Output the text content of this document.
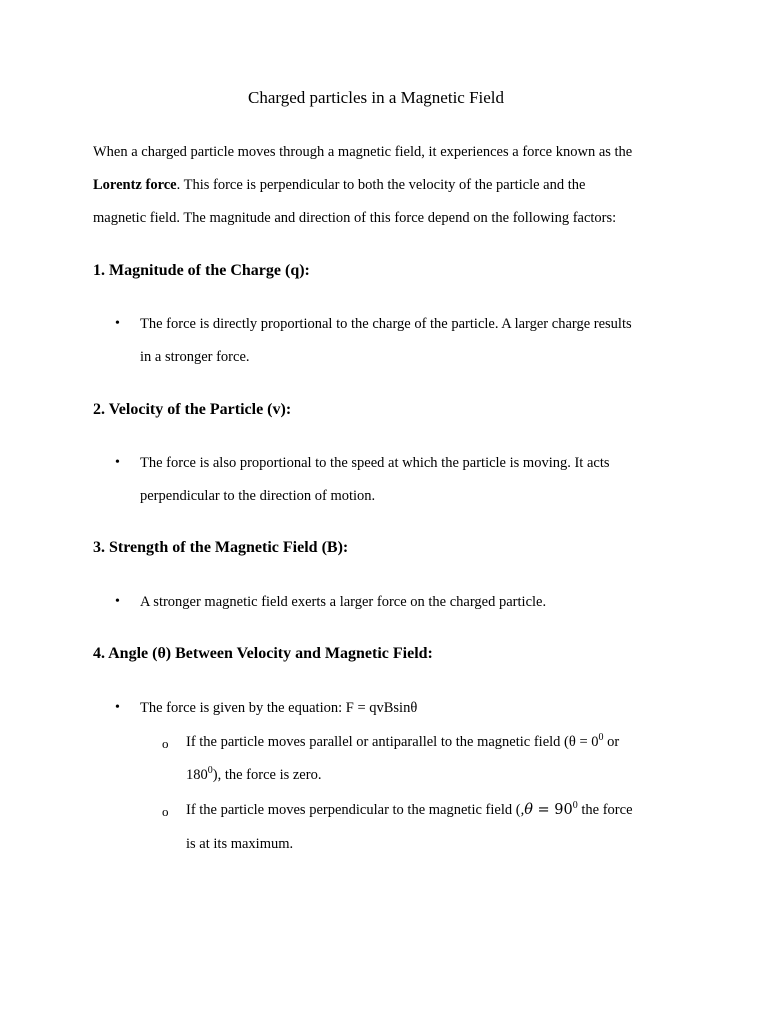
Charged particles in a Magnetic Field
When a charged particle moves through a magnetic field, it experiences a force known as the
Lorentz force. This force is perpendicular to both the velocity of the particle and the
magnetic field. The magnitude and direction of this force depend on the following factors:
1. Magnitude of the Charge (q):
• The force is directly proportional to the charge of the particle. A larger charge results
in a stronger force.
2. Velocity of the Particle (v):
• The force is also proportional to the speed at which the particle is moving. It acts
perpendicular to the direction of motion.
3. Strength of the Magnetic Field (B):
• A stronger magnetic field exerts a larger force on the charged particle.
4. Angle (θ) Between Velocity and Magnetic Field:
• The force is given by the equation: F = qvBsinθ
o If the particle moves parallel or antiparallel to the magnetic field ($\theta = 0^0$ or
$180^0$), the force is zero.
o If the particle moves perpendicular to the magnetic field ($,\theta = 90^0$ the force
is at its maximum.
